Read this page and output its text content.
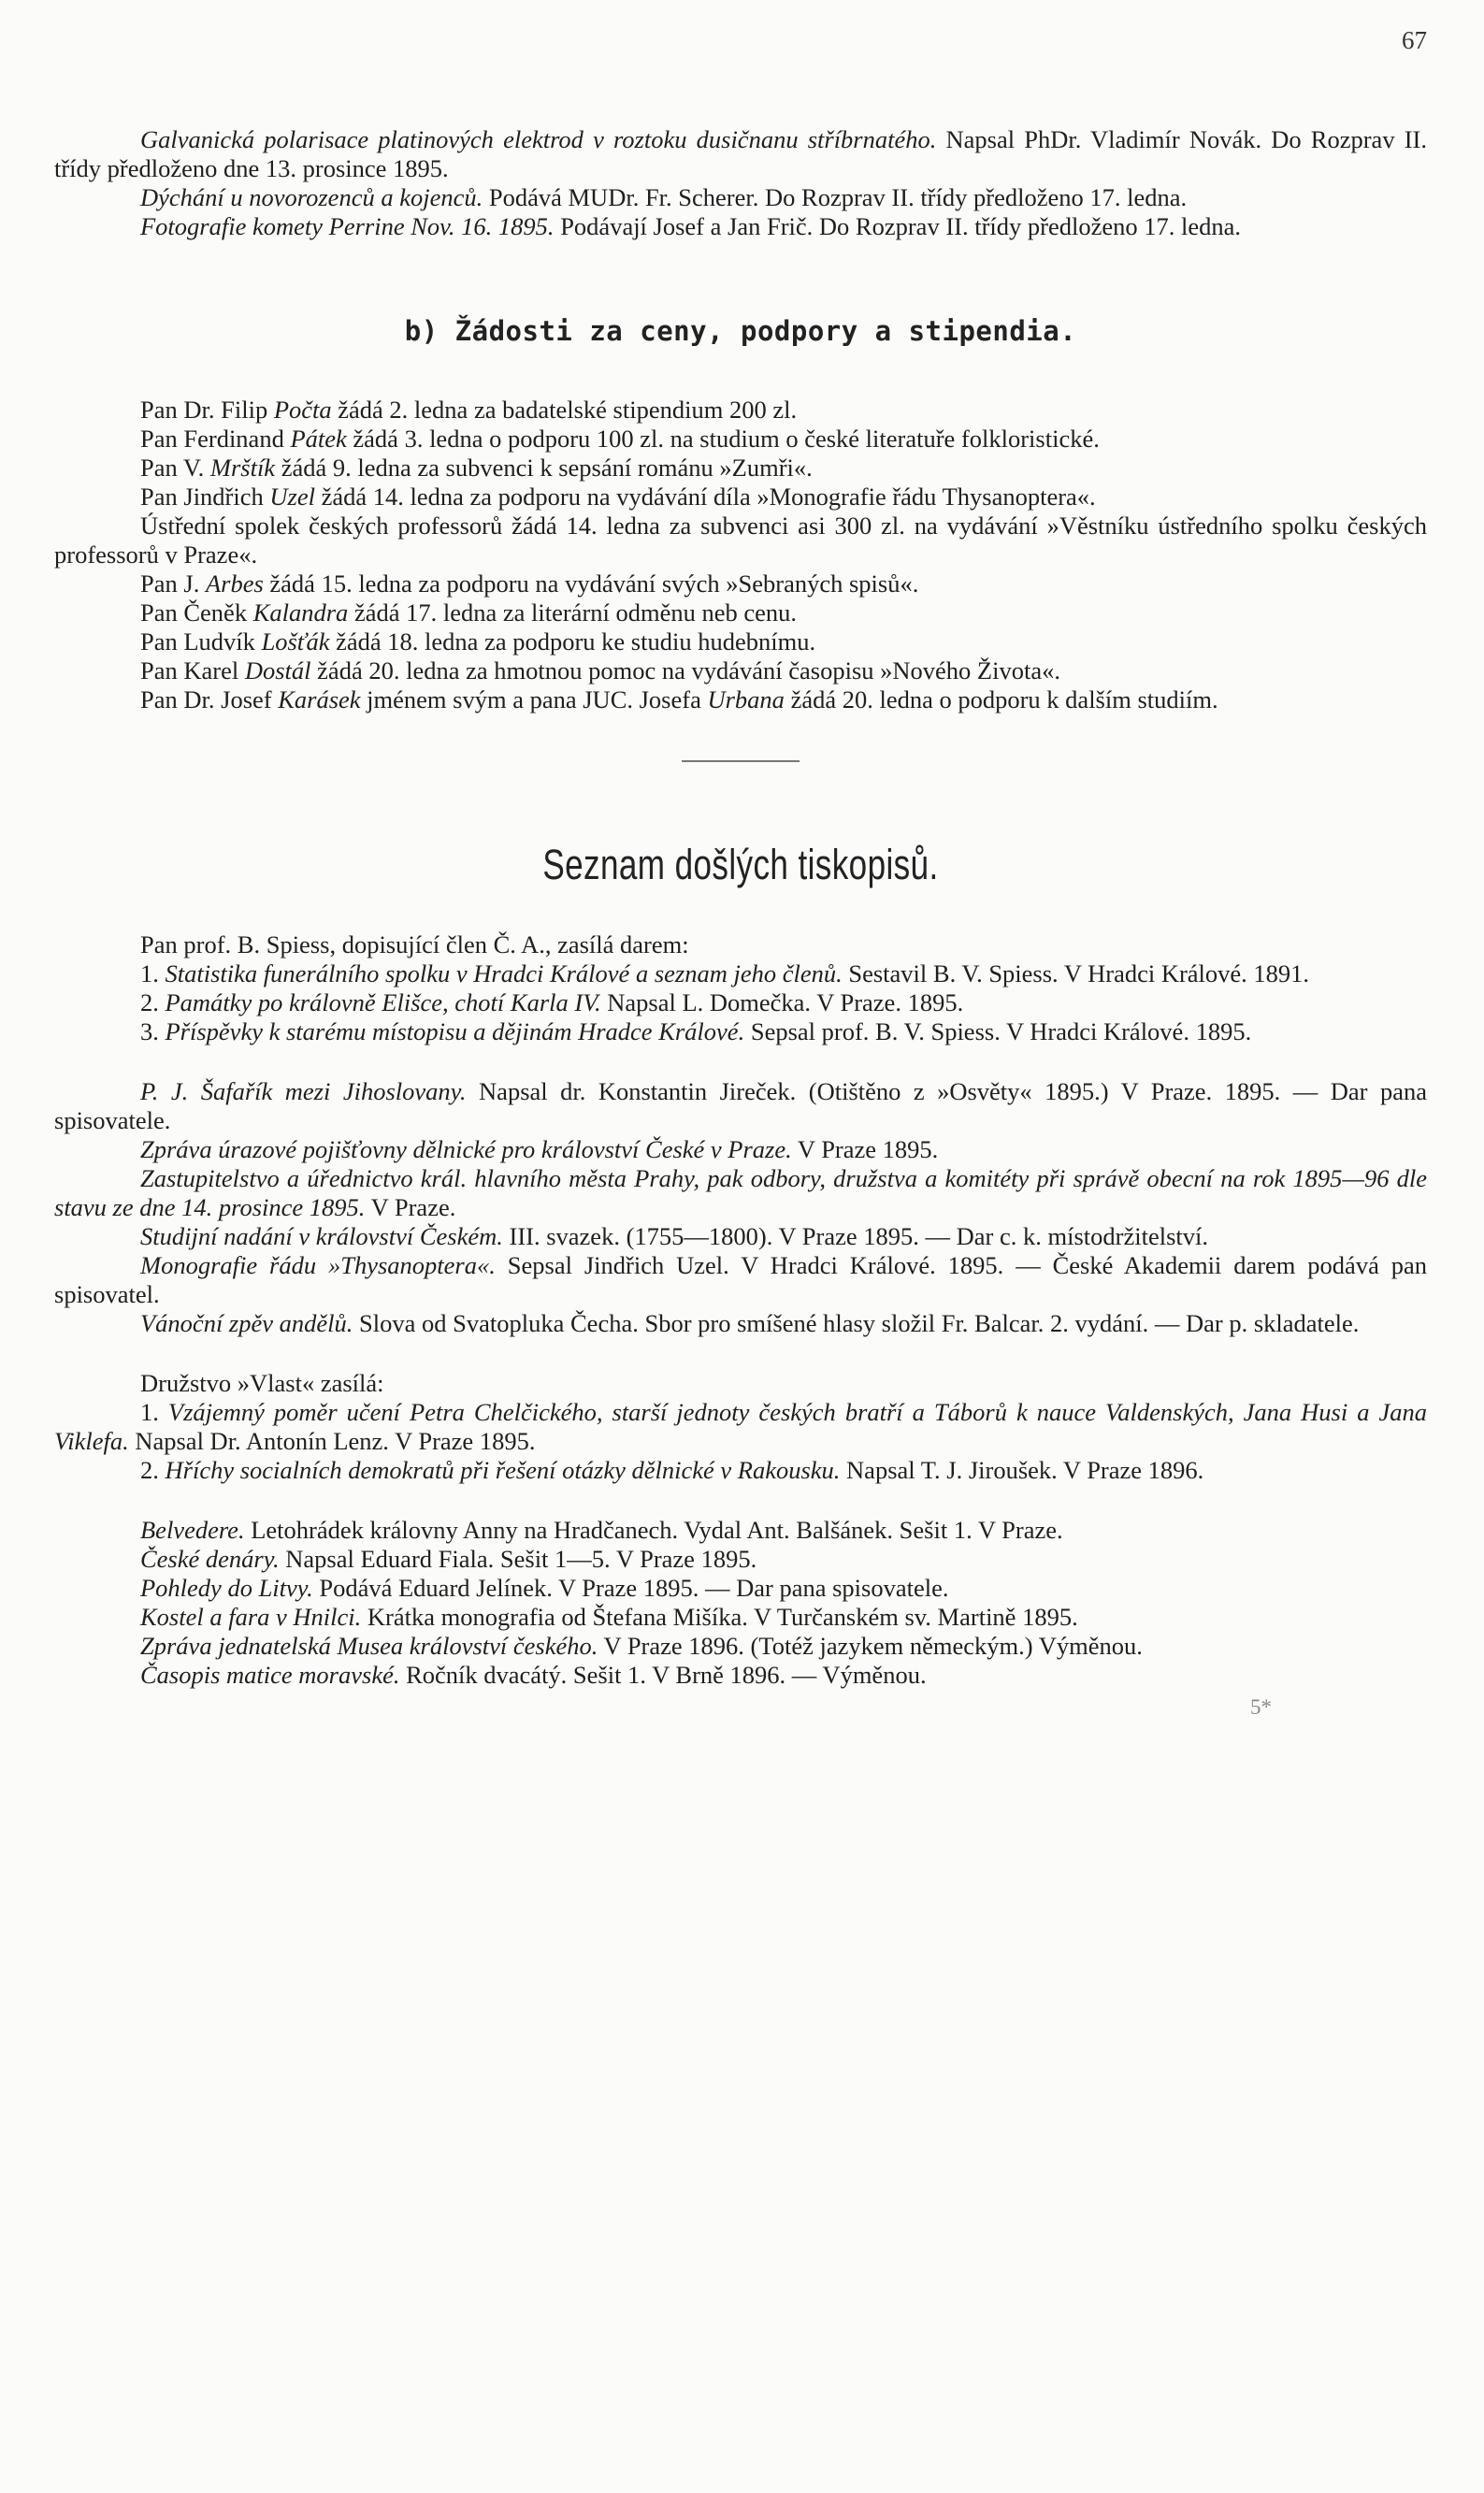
67

Galvanická polarisace platinových elektrod v roztoku dusičnanu stříbrnatého. Napsal PhDr. Vladimír Novák. Do Rozprav II. třídy předloženo dne 13. prosince 1895.

Dýchání u novorozenců a kojenců. Podává MUDr. Fr. Scherer. Do Rozprav II. třídy předloženo 17. ledna.

Fotografie komety Perrine Nov. 16. 1895. Podávají Josef a Jan Frič. Do Rozprav II. třídy předloženo 17. ledna.

b) Žádosti za ceny, podpory a stipendia.

Pan Dr. Filip Počta žádá 2. ledna za badatelské stipendium 200 zl.

Pan Ferdinand Pátek žádá 3. ledna o podporu 100 zl. na studium o české literatuře folkloristické.

Pan V. Mrštík žádá 9. ledna za subvenci k sepsání románu »Zumři«.

Pan Jindřich Uzel žádá 14. ledna za podporu na vydávání díla »Monografie řádu Thysanoptera«.

Ústřední spolek českých professorů žádá 14. ledna za subvenci asi 300 zl. na vydávání »Věstníku ústředního spolku českých professorů v Praze«.

Pan J. Arbes žádá 15. ledna za podporu na vydávání svých »Sebraných spisů«.

Pan Čeněk Kalandra žádá 17. ledna za literární odměnu neb cenu.

Pan Ludvík Lošťák žádá 18. ledna za podporu ke studiu hudebnímu.

Pan Karel Dostál žádá 20. ledna za hmotnou pomoc na vydávání časopisu »Nového Života«.

Pan Dr. Josef Karásek jménem svým a pana JUC. Josefa Urbana žádá 20. ledna o podporu k dalším studiím.

Seznam došlých tiskopisů.

Pan prof. B. Spiess, dopisující člen Č. A., zasílá darem:

1. Statistika funerálního spolku v Hradci Králové a seznam jeho členů. Sestavil B. V. Spiess. V Hradci Králové. 1891.

2. Památky po královně Elišce, chotí Karla IV. Napsal L. Domečka. V Praze. 1895.

3. Příspěvky k starému místopisu a dějinám Hradce Králové. Sepsal prof. B. V. Spiess. V Hradci Králové. 1895.

P. J. Šafařík mezi Jihoslovany. Napsal dr. Konstantin Jireček. (Otištěno z »Osvěty« 1895.) V Praze. 1895. — Dar pana spisovatele.

Zpráva úrazové pojišťovny dělnické pro království České v Praze. V Praze 1895.

Zastupitelstvo a úřednictvo král. hlavního města Prahy, pak odbory, družstva a komitéty při správě obecní na rok 1895—96 dle stavu ze dne 14. prosince 1895. V Praze.

Studijní nadání v království Českém. III. svazek. (1755—1800). V Praze 1895. — Dar c. k. místodržitelství.

Monografie řádu »Thysanoptera«. Sepsal Jindřich Uzel. V Hradci Králové. 1895. — České Akademii darem podává pan spisovatel.

Vánoční zpěv andělů. Slova od Svatopluka Čecha. Sbor pro smíšené hlasy složil Fr. Balcar. 2. vydání. — Dar p. skladatele.

Družstvo »Vlast« zasílá:

1. Vzájemný poměr učení Petra Chelčického, starší jednoty českých bratří a Táborů k nauce Valdenských, Jana Husi a Jana Viklefa. Napsal Dr. Antonín Lenz. V Praze 1895.

2. Hříchy socialních demokratů při řešení otázky dělnické v Rakousku. Napsal T. J. Jiroušek. V Praze 1896.

Belvedere. Letohrádek královny Anny na Hradčanech. Vydal Ant. Balšánek. Sešit 1. V Praze.

České denáry. Napsal Eduard Fiala. Sešit 1—5. V Praze 1895.

Pohledy do Litvy. Podává Eduard Jelínek. V Praze 1895. — Dar pana spisovatele.

Kostel a fara v Hnilci. Krátka monografia od Štefana Mišíka. V Turčanském sv. Martině 1895.

Zpráva jednatelská Musea království českého. V Praze 1896. (Totéž jazykem německým.) Výměnou.

Časopis matice moravské. Ročník dvacátý. Sešit 1. V Brně 1896. — Výměnou.

5*
